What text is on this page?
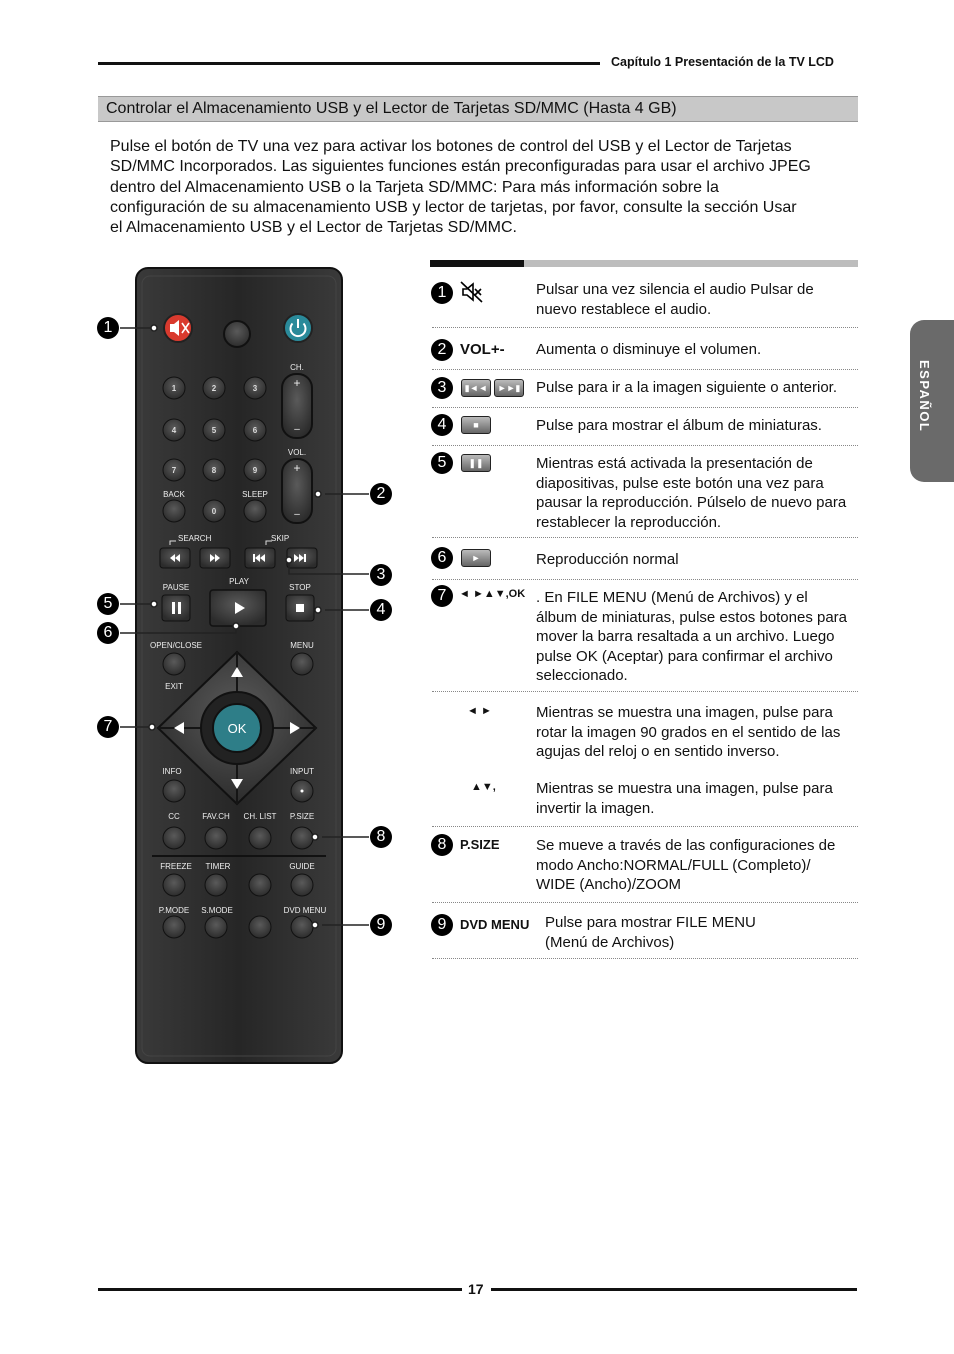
Capítulo 1 Presentación de la TV LCD
Controlar el Almacenamiento USB y el Lector de Tarjetas SD/MMC (Hasta 4 GB)
Pulse el botón de TV una vez para activar los botones de control del USB y el Lector de Tarjetas
SD/MMC Incorporados. Las siguientes funciones están preconfiguradas para usar el archivo JPEG
dentro del Almacenamiento USB o la Tarjeta SD/MMC: Para más información sobre la
configuración de su almacenamiento USB y lector de tarjetas, por favor, consulte la sección Usar
el Almacenamiento USB y el Lector de Tarjetas SD/MMC.
ESPAÑOL
1	2	3
4	5	6
7	8	9
0
CH.
+
–
VOL.
+
–
BACK	SLEEP
SEARCH	SKIP
PAUSE
PLAY
STOP
OPEN/CLOSE
EXIT
MENU
OK
INFO	INPUT
CC	FAV.CH CH. LIST P.SIZE
FREEZE TIMER	GUIDE
P.MODE S.MODE	DVD MENU
1
2
3
4
5
6
7
8
9
1	Pulsar una vez silencia el audio Pulsar de
nuevo restablece el audio.
2 VOL+- Aumenta o disminuye el volumen.
3	▮◄◄	►►▮ Pulse para ir a la imagen siguiente o anterior.
4	■	Pulse para mostrar el álbum de miniaturas.
5	❚❚	Mientras está activada la presentación de
diapositivas, pulse este botón una vez para
pausar la reproducción. Púlselo de nuevo para
restablecer la reproducción.
6	►	Reproducción normal
7	◄ ►▲▼,OK . En FILE MENU (Menú de Archivos) y el
álbum de miniaturas, pulse estos botones para
mover la barra resaltada a un archivo. Luego
pulse OK (Aceptar) para confirmar el archivo
seleccionado.
◄ ►	Mientras se muestra una imagen, pulse para
rotar la imagen 90 grados en el sentido de las
agujas del reloj o en sentido inverso.
▲▼,	Mientras se muestra una imagen, pulse para
invertir la imagen.
8	P.SIZE Se mueve a través de las configuraciones de
modo Ancho:NORMAL/FULL (Completo)/
WIDE (Ancho)/ZOOM
9	DVD MENU Pulse para mostrar FILE MENU
(Menú de Archivos)
17
